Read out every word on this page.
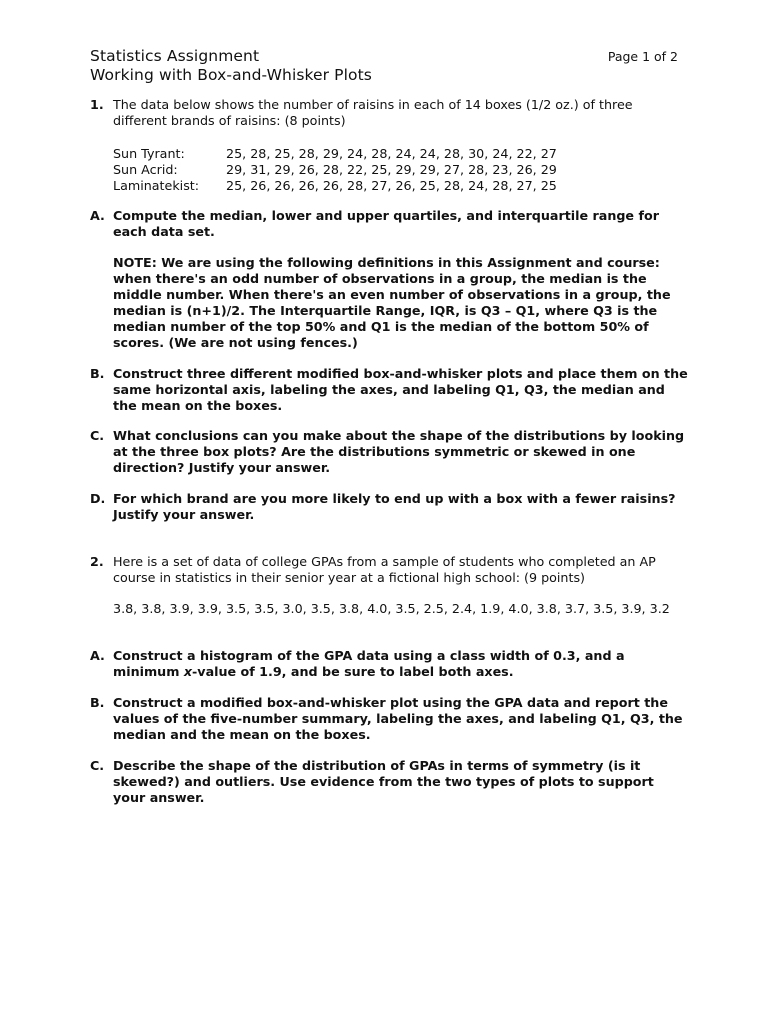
Statistics Assignment
Working with Box-and-Whisker Plots
Page 1 of 2
1. The data below shows the number of raisins in each of 14 boxes (1/2 oz.) of three different brands of raisins: (8 points)
Sun Tyrant:	25, 28, 25, 28, 29, 24, 28, 24, 24, 28, 30, 24, 22, 27
Sun Acrid:	29, 31, 29, 26, 28, 22, 25, 29, 29, 27, 28, 23, 26, 29
Laminatekist: 25, 26, 26, 26, 26, 28, 27, 26, 25, 28, 24, 28, 27, 25
A. Compute the median, lower and upper quartiles, and interquartile range for each data set.
NOTE: We are using the following definitions in this Assignment and course: when there's an odd number of observations in a group, the median is the middle number. When there's an even number of observations in a group, the median is (n+1)/2. The Interquartile Range, IQR, is Q3 – Q1, where Q3 is the median number of the top 50% and Q1 is the median of the bottom 50% of scores. (We are not using fences.)
B. Construct three different modified box-and-whisker plots and place them on the same horizontal axis, labeling the axes, and labeling Q1, Q3, the median and the mean on the boxes.
C. What conclusions can you make about the shape of the distributions by looking at the three box plots? Are the distributions symmetric or skewed in one direction? Justify your answer.
D. For which brand are you more likely to end up with a box with a fewer raisins? Justify your answer.
2. Here is a set of data of college GPAs from a sample of students who completed an AP course in statistics in their senior year at a fictional high school: (9 points)
3.8, 3.8, 3.9, 3.9, 3.5, 3.5, 3.0, 3.5, 3.8, 4.0, 3.5, 2.5, 2.4, 1.9, 4.0, 3.8, 3.7, 3.5, 3.9, 3.2
A. Construct a histogram of the GPA data using a class width of 0.3, and a minimum x-value of 1.9, and be sure to label both axes.
B. Construct a modified box-and-whisker plot using the GPA data and report the values of the five-number summary, labeling the axes, and labeling Q1, Q3, the median and the mean on the boxes.
C. Describe the shape of the distribution of GPAs in terms of symmetry (is it skewed?) and outliers. Use evidence from the two types of plots to support your answer.
